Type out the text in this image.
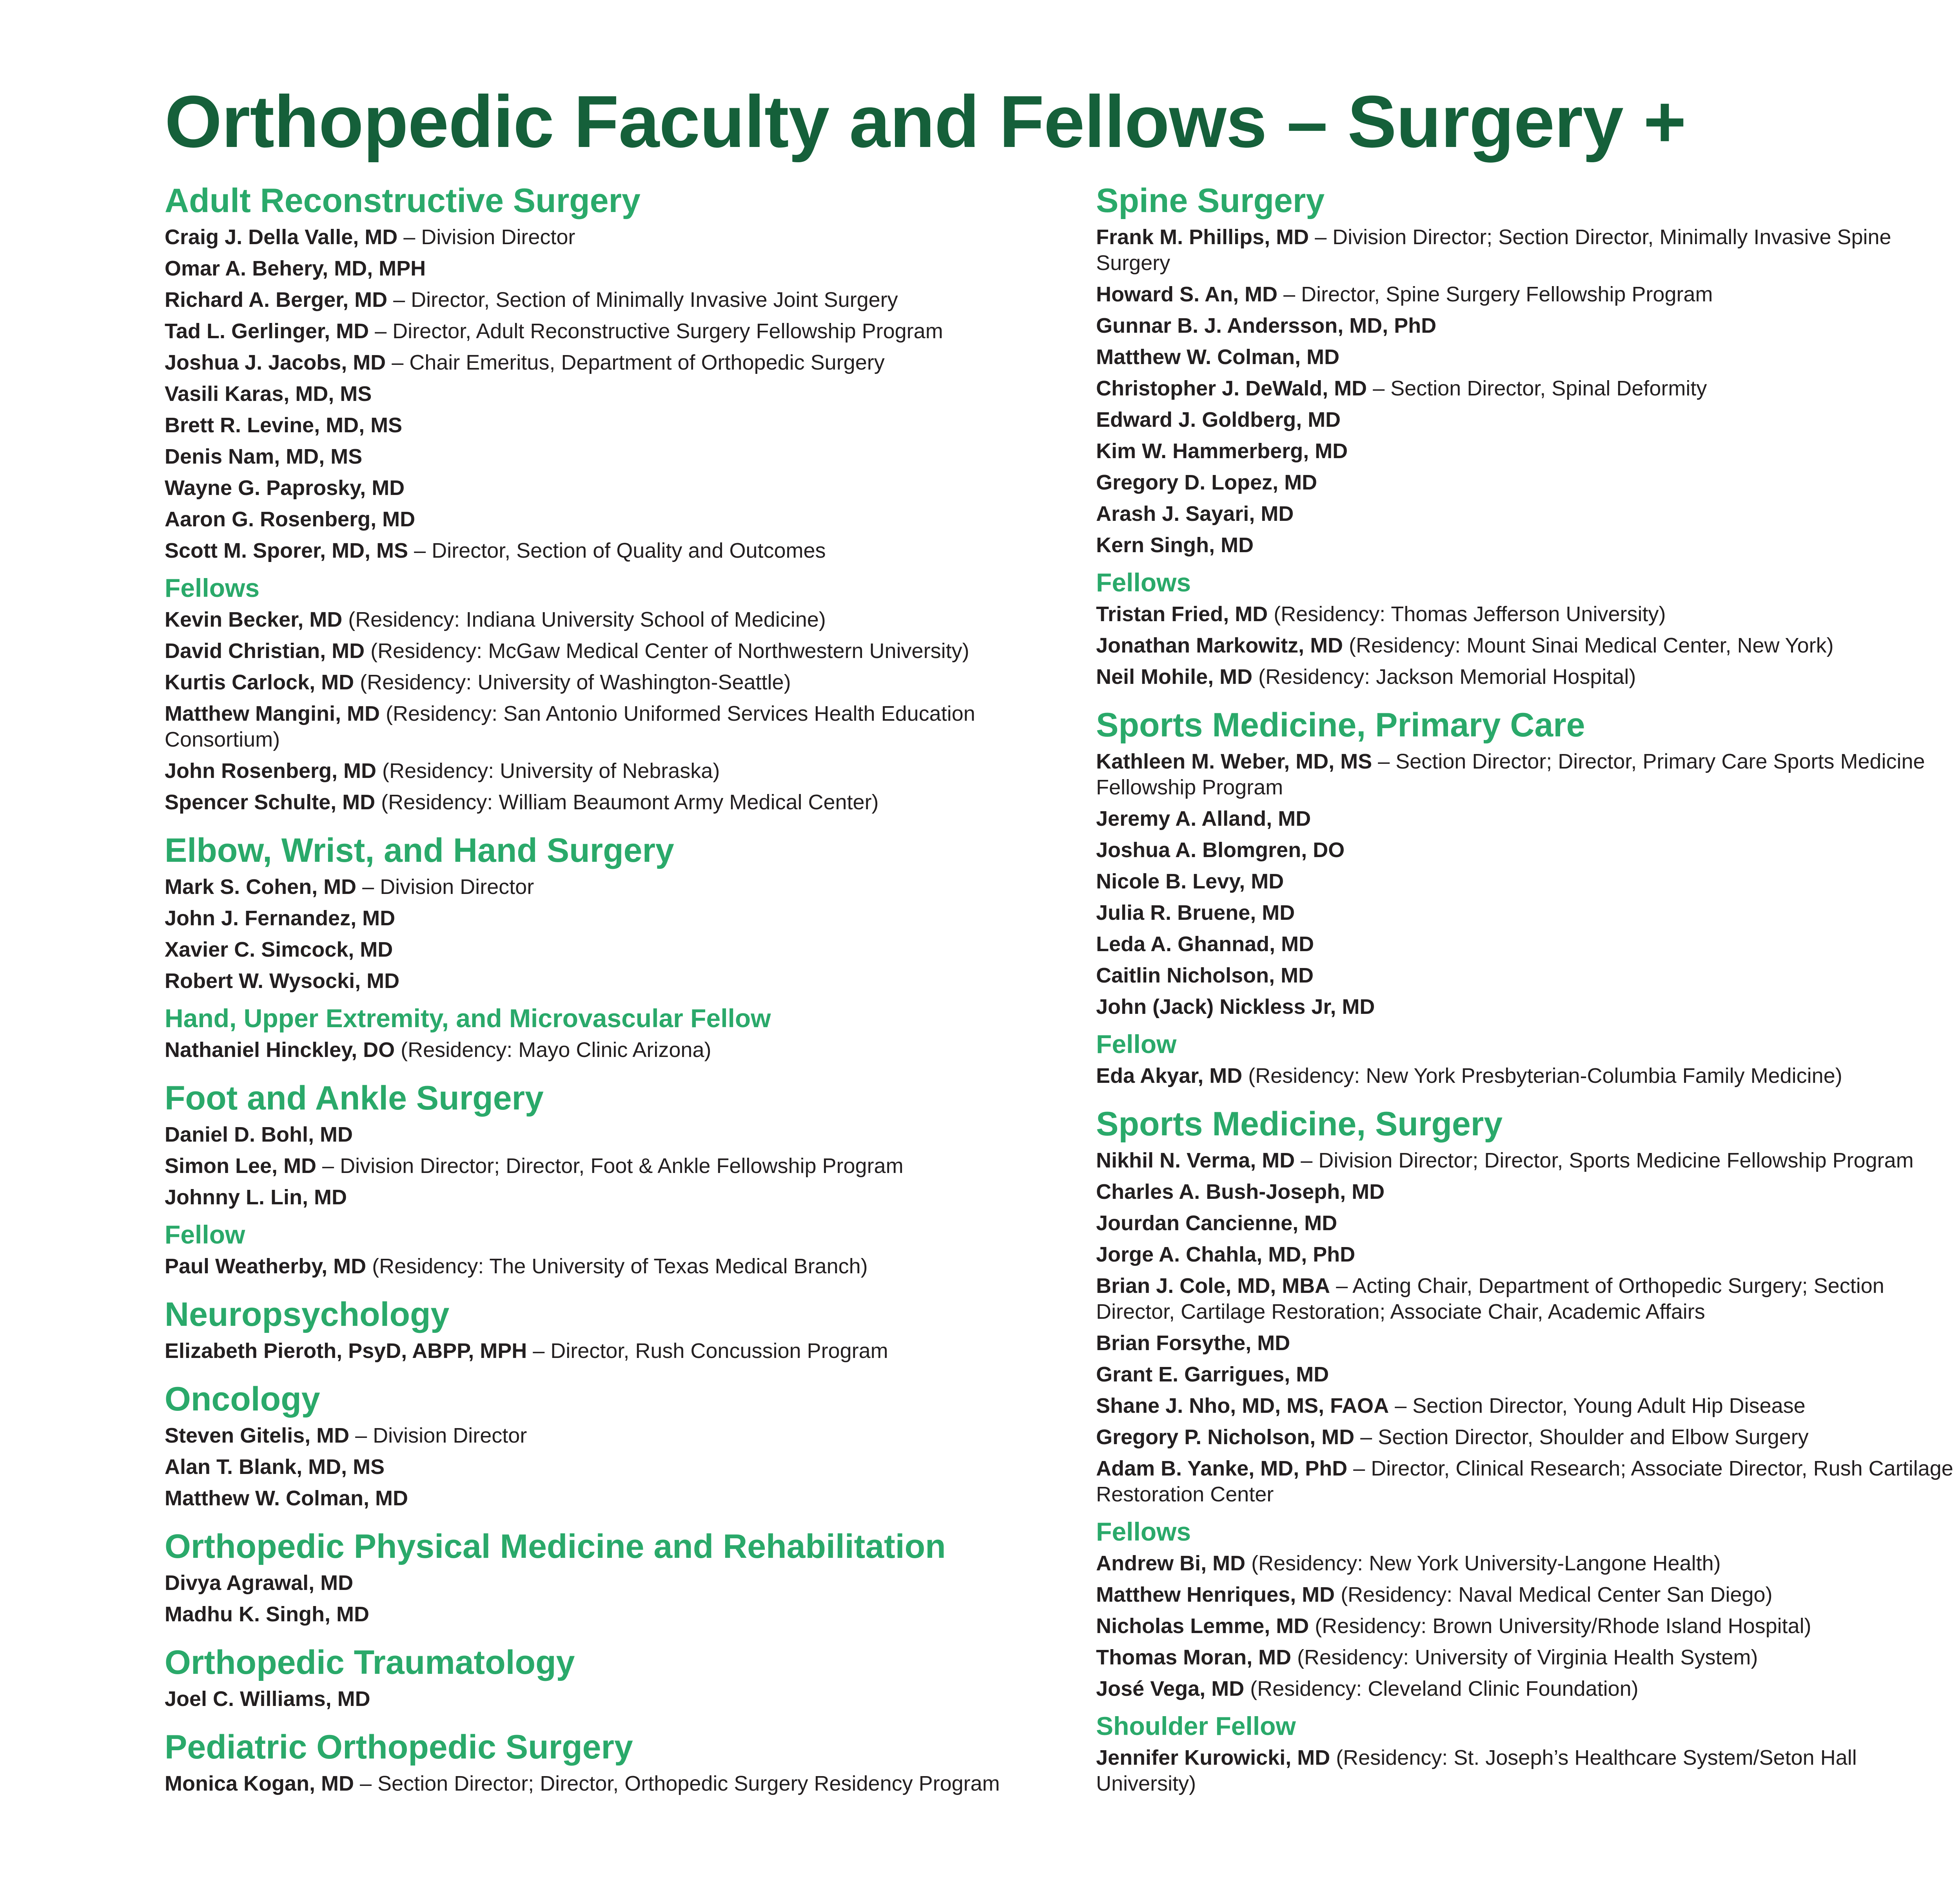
Orthopedic Faculty and Fellows – Surgery +
Adult Reconstructive Surgery
Craig J. Della Valle, MD – Division Director
Omar A. Behery, MD, MPH
Richard A. Berger, MD – Director, Section of Minimally Invasive Joint Surgery
Tad L. Gerlinger, MD – Director, Adult Reconstructive Surgery Fellowship Program
Joshua J. Jacobs, MD – Chair Emeritus, Department of Orthopedic Surgery
Vasili Karas, MD, MS
Brett R. Levine, MD, MS
Denis Nam, MD, MS
Wayne G. Paprosky, MD
Aaron G. Rosenberg, MD
Scott M. Sporer, MD, MS – Director, Section of Quality and Outcomes
Fellows
Kevin Becker, MD (Residency: Indiana University School of Medicine)
David Christian, MD (Residency: McGaw Medical Center of Northwestern University)
Kurtis Carlock, MD (Residency: University of Washington-Seattle)
Matthew Mangini, MD (Residency: San Antonio Uniformed Services Health Education Consortium)
John Rosenberg, MD (Residency: University of Nebraska)
Spencer Schulte, MD (Residency: William Beaumont Army Medical Center)
Elbow, Wrist, and Hand Surgery
Mark S. Cohen, MD – Division Director
John J. Fernandez, MD
Xavier C. Simcock, MD
Robert W. Wysocki, MD
Hand, Upper Extremity, and Microvascular Fellow
Nathaniel Hinckley, DO (Residency: Mayo Clinic Arizona)
Foot and Ankle Surgery
Daniel D. Bohl, MD
Simon Lee, MD – Division Director; Director, Foot & Ankle Fellowship Program
Johnny L. Lin, MD
Fellow
Paul Weatherby, MD (Residency: The University of Texas Medical Branch)
Neuropsychology
Elizabeth Pieroth, PsyD, ABPP, MPH – Director, Rush Concussion Program
Oncology
Steven Gitelis, MD – Division Director
Alan T. Blank, MD, MS
Matthew W. Colman, MD
Orthopedic Physical Medicine and Rehabilitation
Divya Agrawal, MD
Madhu K. Singh, MD
Orthopedic Traumatology
Joel C. Williams, MD
Pediatric Orthopedic Surgery
Monica Kogan, MD – Section Director; Director, Orthopedic Surgery Residency Program
Spine Surgery
Frank M. Phillips, MD – Division Director; Section Director, Minimally Invasive Spine Surgery
Howard S. An, MD – Director, Spine Surgery Fellowship Program
Gunnar B. J. Andersson, MD, PhD
Matthew W. Colman, MD
Christopher J. DeWald, MD – Section Director, Spinal Deformity
Edward J. Goldberg, MD
Kim W. Hammerberg, MD
Gregory D. Lopez, MD
Arash J. Sayari, MD
Kern Singh, MD
Fellows
Tristan Fried, MD (Residency: Thomas Jefferson University)
Jonathan Markowitz, MD (Residency: Mount Sinai Medical Center, New York)
Neil Mohile, MD (Residency: Jackson Memorial Hospital)
Sports Medicine, Primary Care
Kathleen M. Weber, MD, MS – Section Director; Director, Primary Care Sports Medicine Fellowship Program
Jeremy A. Alland, MD
Joshua A. Blomgren, DO
Nicole B. Levy, MD
Julia R. Bruene, MD
Leda A. Ghannad, MD
Caitlin Nicholson, MD
John (Jack) Nickless Jr, MD
Fellow
Eda Akyar, MD (Residency: New York Presbyterian-Columbia Family Medicine)
Sports Medicine, Surgery
Nikhil N. Verma, MD – Division Director; Director, Sports Medicine Fellowship Program
Charles A. Bush-Joseph, MD
Jourdan Cancienne, MD
Jorge A. Chahla, MD, PhD
Brian J. Cole, MD, MBA – Acting Chair, Department of Orthopedic Surgery; Section Director, Cartilage Restoration; Associate Chair, Academic Affairs
Brian Forsythe, MD
Grant E. Garrigues, MD
Shane J. Nho, MD, MS, FAOA – Section Director, Young Adult Hip Disease
Gregory P. Nicholson, MD – Section Director, Shoulder and Elbow Surgery
Adam B. Yanke, MD, PhD – Director, Clinical Research; Associate Director, Rush Cartilage Restoration Center
Fellows
Andrew Bi, MD (Residency: New York University-Langone Health)
Matthew Henriques, MD (Residency: Naval Medical Center San Diego)
Nicholas Lemme, MD (Residency: Brown University/Rhode Island Hospital)
Thomas Moran, MD (Residency: University of Virginia Health System)
José Vega, MD (Residency: Cleveland Clinic Foundation)
Shoulder Fellow
Jennifer Kurowicki, MD (Residency: St. Joseph’s Healthcare System/Seton Hall University)
